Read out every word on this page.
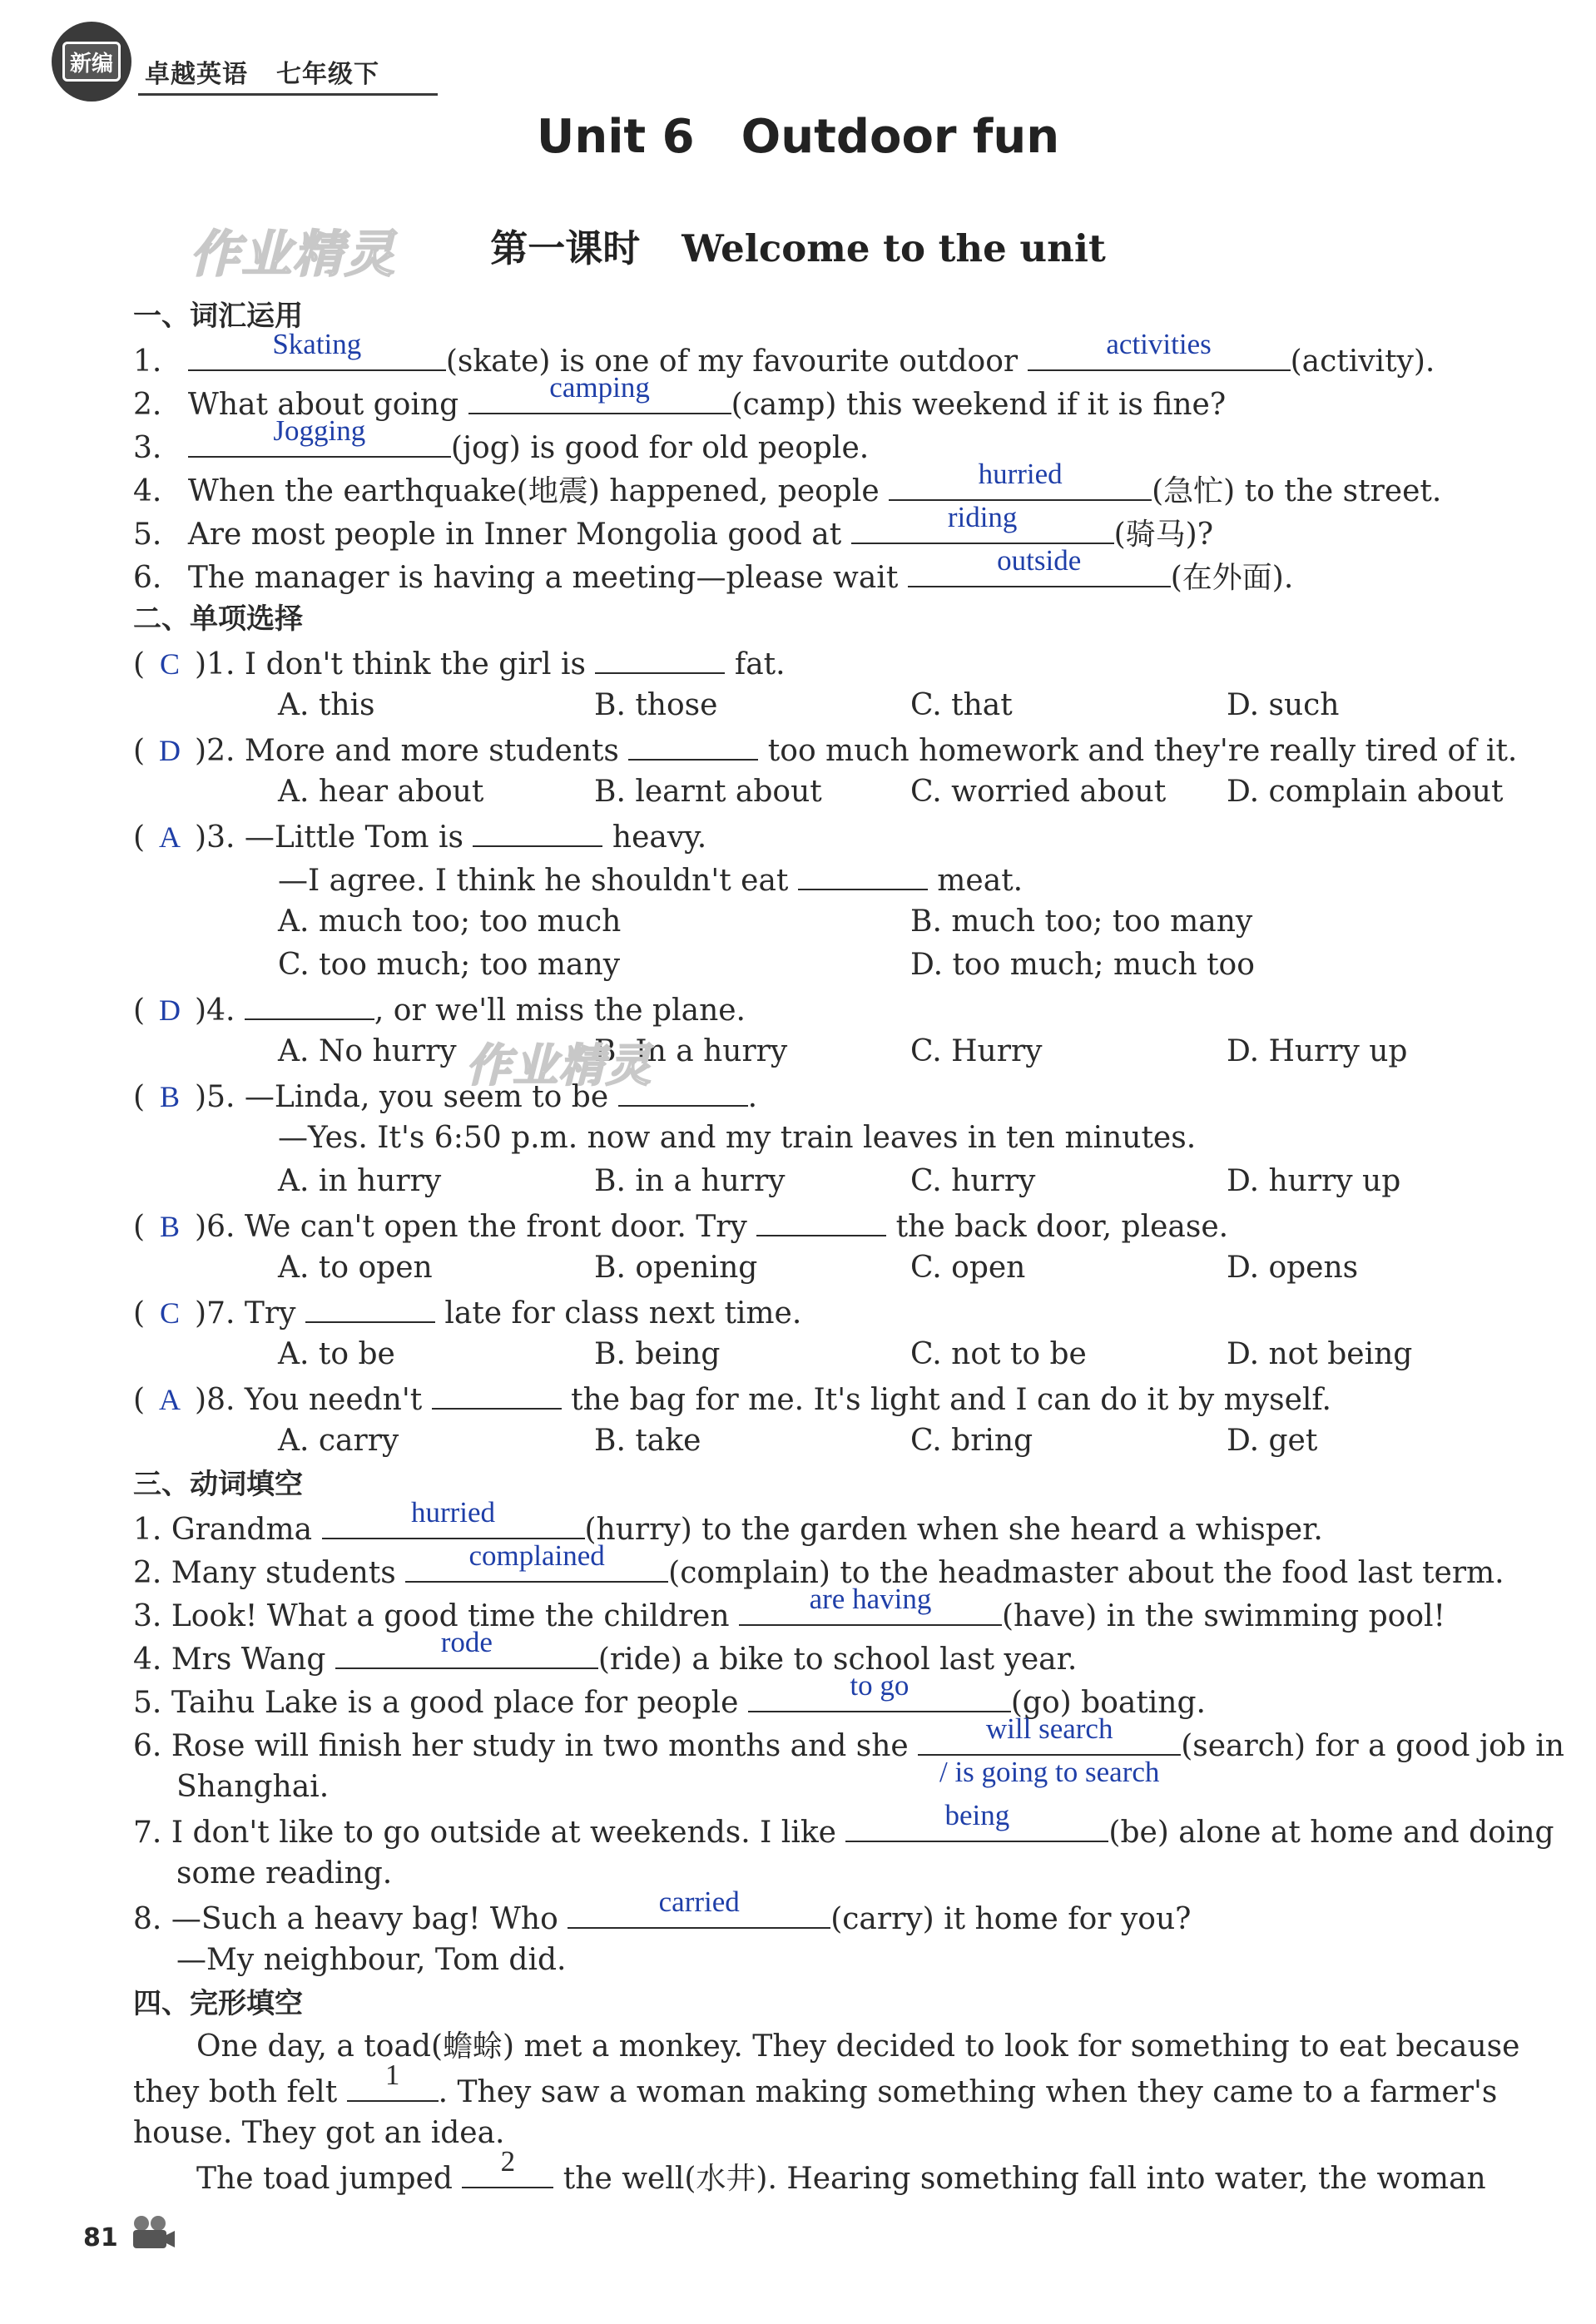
新编 卓越英语 七年级下
Unit 6 Outdoor fun
作业精灵	第一课时 Welcome to the unit
一、词汇运用
1.
Skating
(skate) is one of my favourite outdoor
activities
(activity).
2. What about going
camping
(camp) this weekend if it is fine?
3.
Jogging
(jog) is good for old people.
4. When the earthquake(地震) happened, people
hurried
(急忙) to the street.
5. Are most people in Inner Mongolia good at
riding
(骑马)?
6. The manager is having a meeting—please wait
outside
(在外面).
二、单项选择
( C )1. I don't think the girl is	fat.
A. this	B. those	C. that	D. such
( D )2. More and more students	too much homework and they're really tired of it.
A. hear about	B. learnt about	C. worried about D. complain about
( A )3. —Little Tom is	heavy.
—I agree. I think he shouldn't eat	meat.
A. much too; too much	B. much too; too many
C. too much; too many	D. too much; much too
( D )4.	, or we'll miss the plane.
A. No hurry	B. In a hurry	C. Hurry	D. Hurry up
作业精灵
( B )5. —Linda, you seem to be	.
—Yes. It's 6:50 p.m. now and my train leaves in ten minutes.
A. in hurry	B. in a hurry	C. hurry	D. hurry up
( B )6. We can't open the front door. Try	the back door, please.
A. to open	B. opening	C. open	D. opens
( C )7. Try	late for class next time.
A. to be	B. being	C. not to be	D. not being
( A )8. You needn't	the bag for me. It's light and I can do it by myself.
A. carry	B. take	C. bring	D. get
三、动词填空
1. Grandma
hurried
(hurry) to the garden when she heard a whisper.
2. Many students
complained
(complain) to the headmaster about the food last term.
3. Look! What a good time the children
are having
(have) in the swimming pool!
4. Mrs Wang
rode
(ride) a bike to school last year.
5. Taihu Lake is a good place for people
to go
(go) boating.
6. Rose will finish her study in two months and she
will search
/ is going to search
(search) for a good job in
Shanghai.
7. I don't like to go outside at weekends. I like
being
(be) alone at home and doing
some reading.
8. —Such a heavy bag! Who
carried
(carry) it home for you?
—My neighbour, Tom did.
四、完形填空
One day, a toad(蟾蜍) met a monkey. They decided to look for something to eat because
they both felt
1
. They saw a woman making something when they came to a farmer's
house. They got an idea.
The toad jumped
2
the well(水井). Hearing something fall into water, the woman
81
